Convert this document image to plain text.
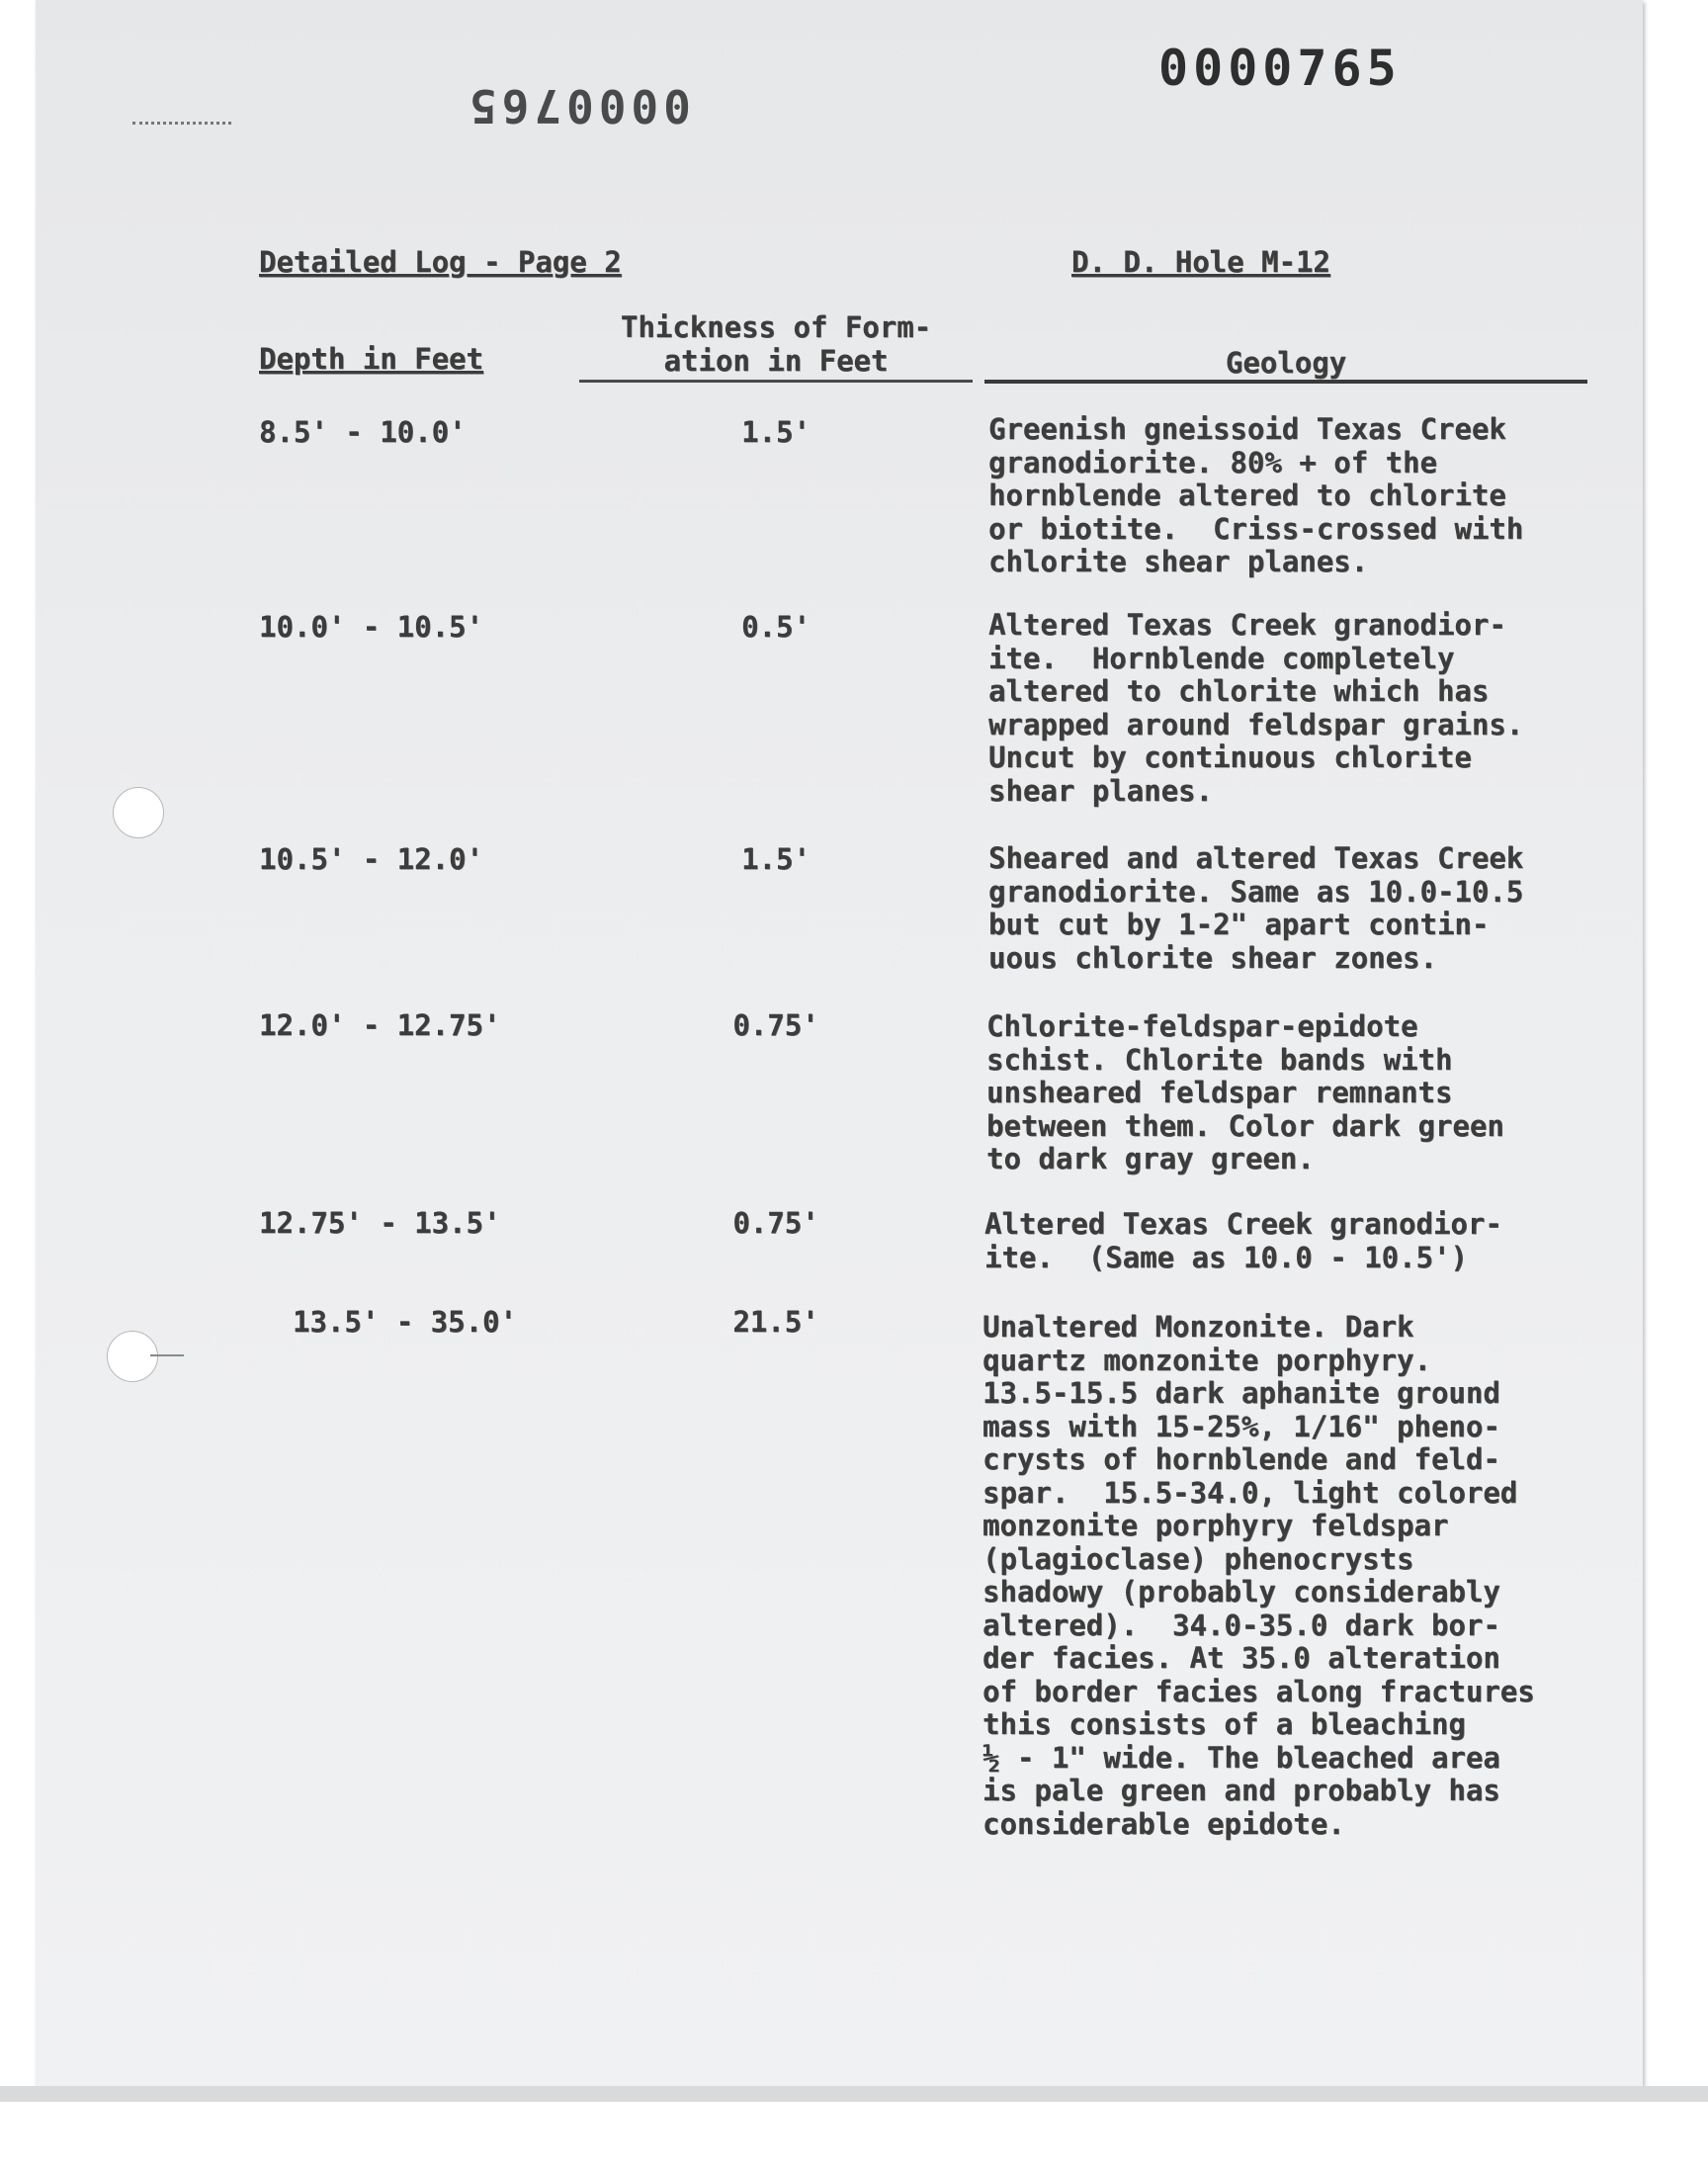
0000765
0000765
Detailed Log - Page 2	D. D. Hole M-12
Depth in Feet
Thickness of Form-
ation in Feet	Geology
8.5' - 10.0'	1.5'	Greenish gneissoid Texas Creek
granodiorite. 80% + of the
hornblende altered to chlorite
or biotite.  Criss-crossed with
chlorite shear planes.
10.0' - 10.5'	0.5'	Altered Texas Creek granodior-
ite.  Hornblende completely
altered to chlorite which has
wrapped around feldspar grains.
Uncut by continuous chlorite
shear planes.
10.5' - 12.0'	1.5'	Sheared and altered Texas Creek
granodiorite. Same as 10.0-10.5
but cut by 1-2" apart contin-
uous chlorite shear zones.
12.0' - 12.75'	0.75'	Chlorite-feldspar-epidote
schist. Chlorite bands with
unsheared feldspar remnants
between them. Color dark green
to dark gray green.
12.75' - 13.5'	0.75'	Altered Texas Creek granodior-
ite.  (Same as 10.0 - 10.5')
13.5' - 35.0'	21.5'	Unaltered Monzonite. Dark
quartz monzonite porphyry.
13.5-15.5 dark aphanite ground
mass with 15-25%, 1/16" pheno-
crysts of hornblende and feld-
spar.  15.5-34.0, light colored
monzonite porphyry feldspar
(plagioclase) phenocrysts
shadowy (probably considerably
altered).  34.0-35.0 dark bor-
der facies. At 35.0 alteration
of border facies along fractures
this consists of a bleaching
½ - 1" wide. The bleached area
is pale green and probably has
considerable epidote.
